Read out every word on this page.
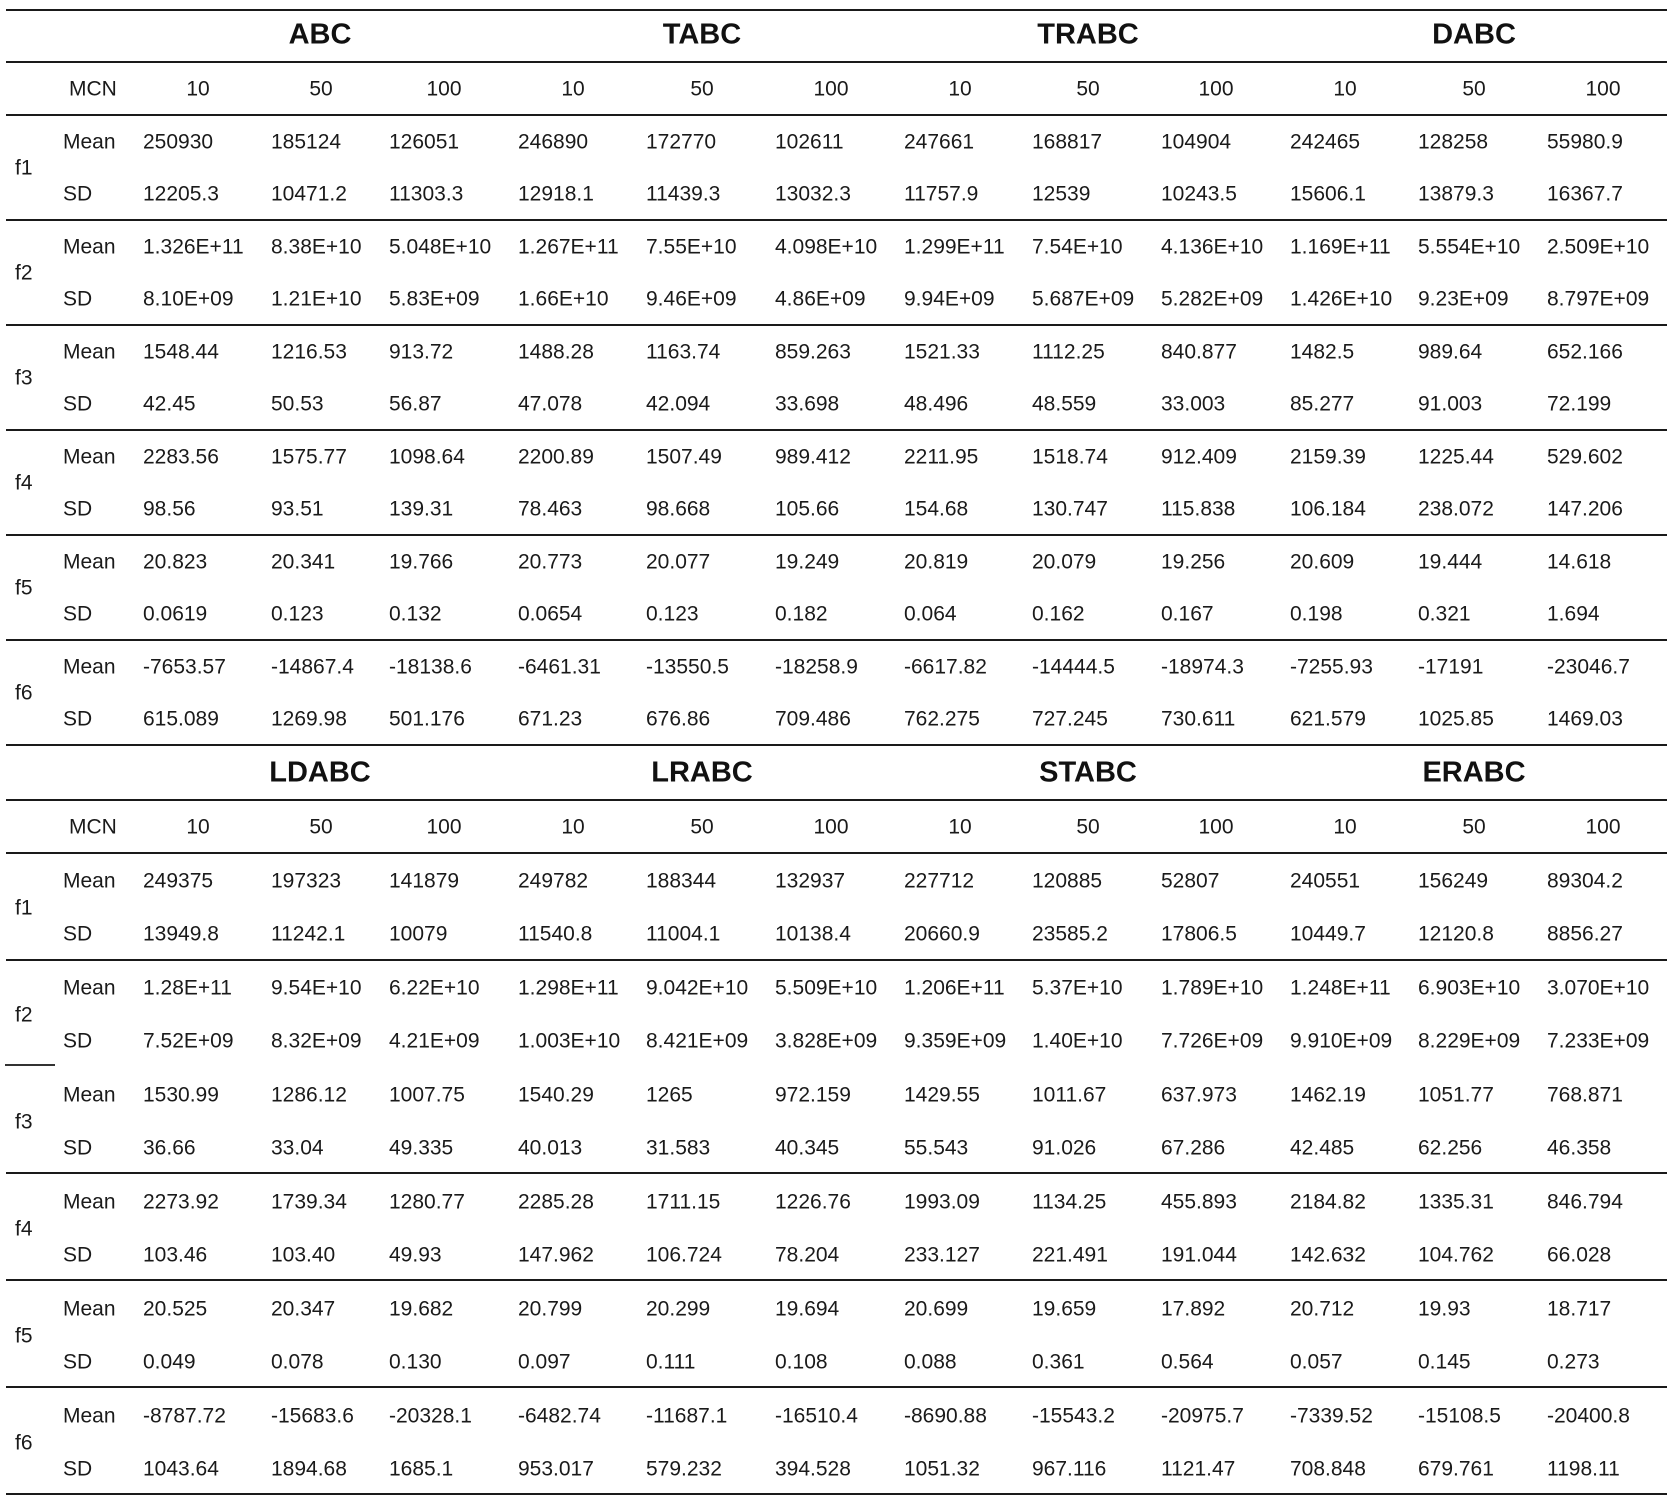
ABC	TABC	TRABC	DABC
MCN	10	50	100	10	50	100	10	50	100	10	50	100
f1
Mean 250930	185124 126051	246890	172770	102611	247661	168817	104904	242465	128258	55980.9
SD 12205.3 10471.2 11303.3	12918.1 11439.3	13032.3	11757.9	12539	10243.5	15606.1 13879.3	16367.7
f2
Mean 1.326E+11 8.38E+10 5.048E+10 1.267E+11 7.55E+10 4.098E+10 1.299E+11 7.54E+10 4.136E+10 1.169E+11 5.554E+10 2.509E+10
SD 8.10E+09 1.21E+10 5.83E+09 1.66E+10 9.46E+09 4.86E+09 9.94E+09 5.687E+09 5.282E+09 1.426E+10 9.23E+09 8.797E+09
f3
Mean 1548.44 1216.53 913.72	1488.28 1163.74	859.263	1521.33 1112.25	840.877	1482.5	989.64	652.166
SD 42.45	50.53	56.87	47.078	42.094	33.698	48.496	48.559	33.003	85.277	91.003	72.199
f4
Mean 2283.56 1575.77 1098.64	2200.89 1507.49	989.412	2211.95	1518.74	912.409	2159.39 1225.44	529.602
SD 98.56	93.51	139.31	78.463	98.668	105.66	154.68	130.747	115.838	106.184 238.072	147.206
f5
Mean 20.823	20.341	19.766	20.773	20.077	19.249	20.819	20.079	19.256	20.609	19.444	14.618
SD 0.0619	0.123	0.132	0.0654	0.123	0.182	0.064	0.162	0.167	0.198	0.321	1.694
f6
Mean -7653.57 -14867.4 -18138.6 -6461.31 -13550.5 -18258.9 -6617.82 -14444.5 -18974.3 -7255.93 -17191	-23046.7
SD 615.089 1269.98 501.176	671.23	676.86	709.486	762.275 727.245	730.611	621.579 1025.85	1469.03
LDABC	LRABC	STABC	ERABC
MCN	10	50	100	10	50	100	10	50	100	10	50	100
f1
Mean 249375	197323 141879	249782	188344	132937	227712	120885	52807	240551	156249	89304.2
SD 13949.8 11242.1 10079	11540.8	11004.1	10138.4	20660.9 23585.2	17806.5	10449.7 12120.8	8856.27
f2
Mean 1.28E+11 9.54E+10 6.22E+10 1.298E+11 9.042E+10 5.509E+10 1.206E+11 5.37E+10 1.789E+10 1.248E+11 6.903E+10 3.070E+10
SD 7.52E+09 8.32E+09 4.21E+09 1.003E+10 8.421E+09 3.828E+09 9.359E+09 1.40E+10 7.726E+09 9.910E+09 8.229E+09 7.233E+09
f3
Mean 1530.99 1286.12 1007.75	1540.29 1265	972.159	1429.55 1011.67	637.973	1462.19 1051.77	768.871
SD 36.66	33.04	49.335	40.013	31.583	40.345	55.543	91.026	67.286	42.485	62.256	46.358
f4
Mean 2273.92 1739.34 1280.77	2285.28 1711.15	1226.76	1993.09 1134.25	455.893	2184.82 1335.31	846.794
SD 103.46	103.40	49.93	147.962 106.724	78.204	233.127 221.491	191.044	142.632 104.762	66.028
f5
Mean 20.525	20.347	19.682	20.799	20.299	19.694	20.699	19.659	17.892	20.712	19.93	18.717
SD 0.049	0.078	0.130	0.097	0.111	0.108	0.088	0.361	0.564	0.057	0.145	0.273
f6
Mean -8787.72 -15683.6 -20328.1 -6482.74 -11687.1 -16510.4 -8690.88 -15543.2 -20975.7 -7339.52 -15108.5 -20400.8
SD 1043.64 1894.68 1685.1	953.017 579.232	394.528	1051.32 967.116	1121.47	708.848 679.761	1198.11
